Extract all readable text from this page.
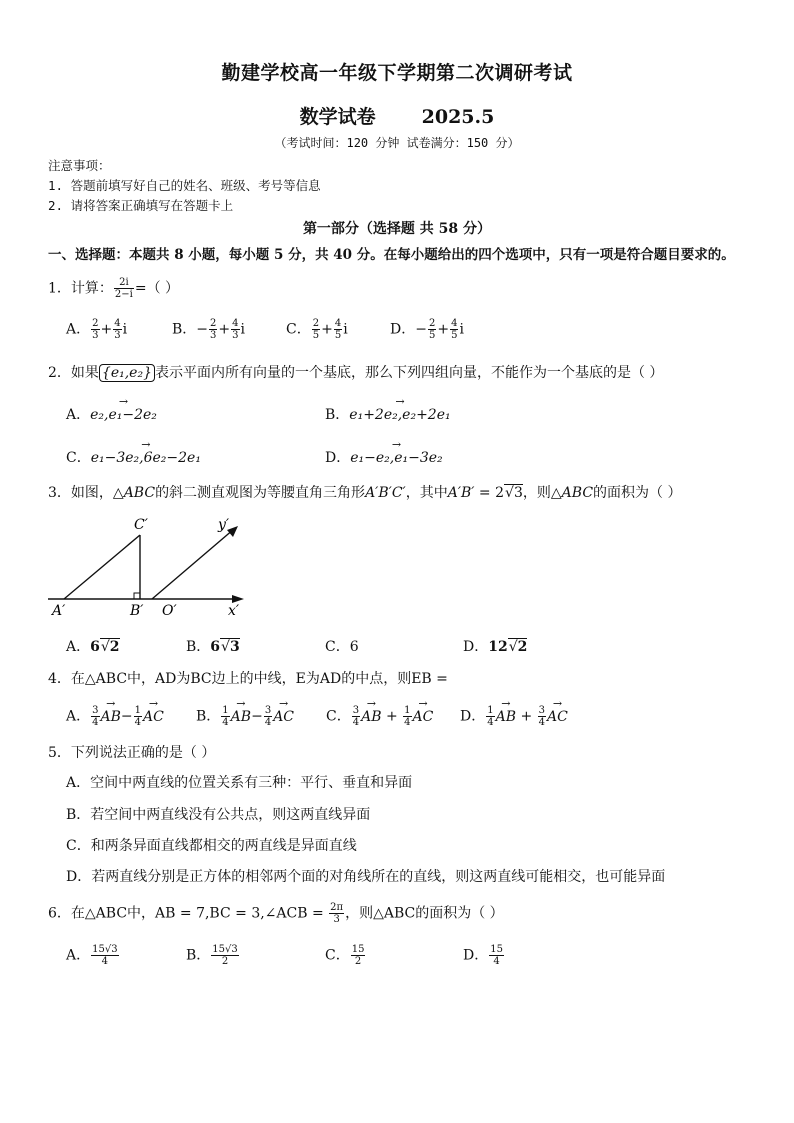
勤建学校高一年级下学期第二次调研考试
数学试卷 2025.5
（考试时间：120 分钟 试卷满分：150 分）
注意事项：
1. 答题前填写好自己的姓名、班级、考号等信息
2. 请将答案正确填写在答题卡上
第一部分（选择题 共 58 分）
一、选择题：本题共 8 小题，每小题 5 分，共 40 分。在每小题给出的四个选项中，只有一项是符合题目要求的。
1．计算： $\frac{2i}{2-i}$ =（ ）
A． $\frac{2}{3} + \frac{4}{3}$ i	B．− $\frac{2}{3} + \frac{4}{3}$ i	C． $\frac{2}{5} + \frac{4}{5}$ i	D．− $\frac{2}{5} + \frac{4}{5}$ i
2．如果 {e₁,e₂} 表示平面内所有向量的一个基底，那么下列四组向量，不能作为一个基底的是（ ）
A．→ e₂,e₁−2e₂	B．→ e₁+2e₂,e₂+2e₁
C．→ e₁−3e₂,6e₂−2e₁	D．→ e₁−e₂,e₁−3e₂
3．如图，△ABC的斜二测直观图为等腰直角三角形A′B′C′，其中A′B′ = 2√3，则△ABC的面积为（ ）
C′	y′
A′	B′ O′	x′
A．6√2	B．6√3	C．6	D．12√2
4．在△ABC中，AD为BC边上的中线，E为AD的中点，则EB =
A． $\frac{3}{4}$
→ $AB- \frac{1}{4}$
→ AC B． $\frac{1}{4}$
→ $AB- \frac{3}{4}$
→ AC C． $\frac{3}{4}$
→ AB + $\frac{1}{4}$
→ AC D． $\frac{1}{4}$
→ AB + $\frac{3}{4}$
→ AC
5．下列说法正确的是（ ）
A．空间中两直线的位置关系有三种：平行、垂直和异面
B．若空间中两直线没有公共点，则这两直线异面
C．和两条异面直线都相交的两直线是异面直线
D．若两直线分别是正方体的相邻两个面的对角线所在的直线，则这两直线可能相交，也可能异面
6．在△ABC中，AB = 7,BC = 3,∠ACB = $\frac{2\pi}{3}$ ，则△ABC的面积为（ ）
A． $\frac{15√3}{4}$	B． $\frac{15√3}{2}$	C． $\frac{15}{2}$	D． $\frac{15}{4}$
